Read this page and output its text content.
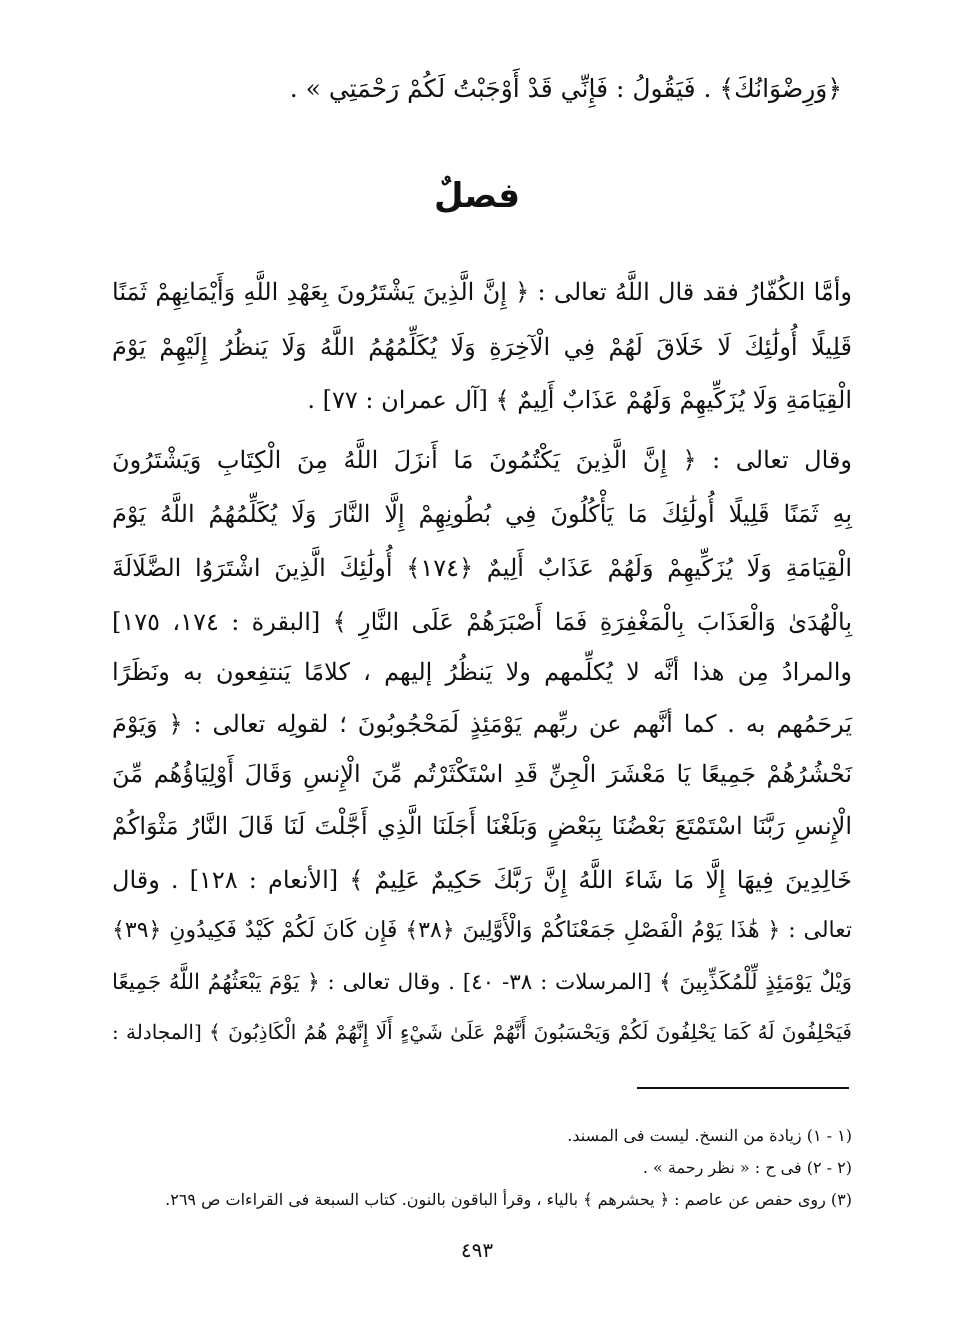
﴿وَرِضْوَانُكَ﴾ . فَيَقُولُ : فَإِنِّي قَدْ أَوْجَبْتُ لَكُمْ رَحْمَتِي » .
فصلٌ
وأمَّا الكُفّارُ فقد قال اللَّهُ تعالى : ﴿ إِنَّ الَّذِينَ يَشْتَرُونَ بِعَهْدِ اللَّهِ وَأَيْمَانِهِمْ ثَمَنًا
قَلِيلًا أُولَٰئِكَ لَا خَلَاقَ لَهُمْ فِي الْآخِرَةِ وَلَا يُكَلِّمُهُمُ اللَّهُ وَلَا يَنظُرُ إِلَيْهِمْ يَوْمَ
الْقِيَامَةِ وَلَا يُزَكِّيهِمْ وَلَهُمْ عَذَابٌ أَلِيمٌ ﴾ [آل عمران : ٧٧] .
وقال تعالى : ﴿ إِنَّ الَّذِينَ يَكْتُمُونَ مَا أَنزَلَ اللَّهُ مِنَ الْكِتَابِ وَيَشْتَرُونَ
بِهِ ثَمَنًا قَلِيلًا أُولَٰئِكَ مَا يَأْكُلُونَ فِي بُطُونِهِمْ إِلَّا النَّارَ وَلَا يُكَلِّمُهُمُ اللَّهُ يَوْمَ
الْقِيَامَةِ وَلَا يُزَكِّيهِمْ وَلَهُمْ عَذَابٌ أَلِيمٌ ﴿١٧٤﴾ أُولَٰئِكَ الَّذِينَ اشْتَرَوُا الضَّلَالَةَ
بِالْهُدَىٰ وَالْعَذَابَ بِالْمَغْفِرَةِ فَمَا أَصْبَرَهُمْ عَلَى النَّارِ ﴾ [البقرة : ١٧٤، ١٧٥]
والمرادُ مِن هذا أنَّه لا يُكلِّمهم ولا يَنظُرُ إليهم ، كلامًا يَنتفِعون به ونَظَرًا
يَرحَمُهم به . كما أنَّهم عن ربِّهم يَوْمَئِذٍ لَمَحْجُوبُونَ ؛ لقولِه تعالى : ﴿ وَيَوْمَ
نَحْشُرُهُمْ جَمِيعًا يَا مَعْشَرَ الْجِنِّ قَدِ اسْتَكْثَرْتُم مِّنَ الْإِنسِ وَقَالَ أَوْلِيَاؤُهُم مِّنَ
الْإِنسِ رَبَّنَا اسْتَمْتَعَ بَعْضُنَا بِبَعْضٍ وَبَلَغْنَا أَجَلَنَا الَّذِي أَجَّلْتَ لَنَا قَالَ النَّارُ مَثْوَاكُمْ
خَالِدِينَ فِيهَا إِلَّا مَا شَاءَ اللَّهُ إِنَّ رَبَّكَ حَكِيمٌ عَلِيمٌ ﴾ [الأنعام : ١٢٨] . وقال
تعالى : ﴿ هَٰذَا يَوْمُ الْفَصْلِ جَمَعْنَاكُمْ وَالْأَوَّلِينَ ﴿٣٨﴾ فَإِن كَانَ لَكُمْ كَيْدٌ فَكِيدُونِ ﴿٣٩﴾
وَيْلٌ يَوْمَئِذٍ لِّلْمُكَذِّبِينَ ﴾ [المرسلات : ٣٨- ٤٠] . وقال تعالى : ﴿ يَوْمَ يَبْعَثُهُمُ اللَّهُ جَمِيعًا
فَيَحْلِفُونَ لَهُ كَمَا يَحْلِفُونَ لَكُمْ وَيَحْسَبُونَ أَنَّهُمْ عَلَىٰ شَيْءٍ أَلَا إِنَّهُمْ هُمُ الْكَاذِبُونَ ﴾ [المجادلة :
(١ - ١) زيادة من النسخ. ليست فى المسند.
(٢ - ٢) فى ح : « نظر رحمة » .
(٣) روى حفص عن عاصم : ﴿ يحشرهم ﴾ بالياء ، وقرأ الباقون بالنون. كتاب السبعة فى القراءات ص ٢٦٩.
٤٩٣
